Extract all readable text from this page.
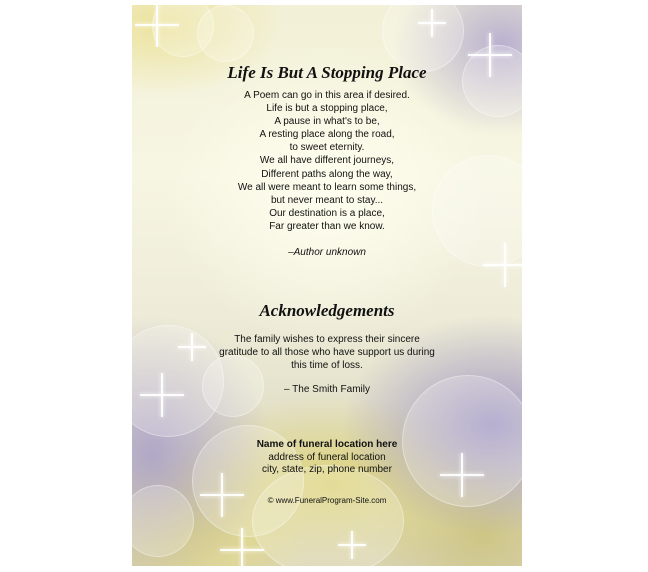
Life Is But A Stopping Place
A Poem can go in this area if desired.
Life is but a stopping place,
A pause in what's to be,
A resting place along the road,
to sweet eternity.
We all have different journeys,
Different paths along the way,
We all were meant to learn some things,
but never meant to stay...
Our destination is a place,
Far greater than we know.
–Author unknown
Acknowledgements
The family wishes to express their sincere
gratitude to all those who have support us during
this time of loss.
– The Smith Family
Name of funeral location here
address of funeral location
city, state, zip, phone number
© www.FuneralProgram-Site.com
